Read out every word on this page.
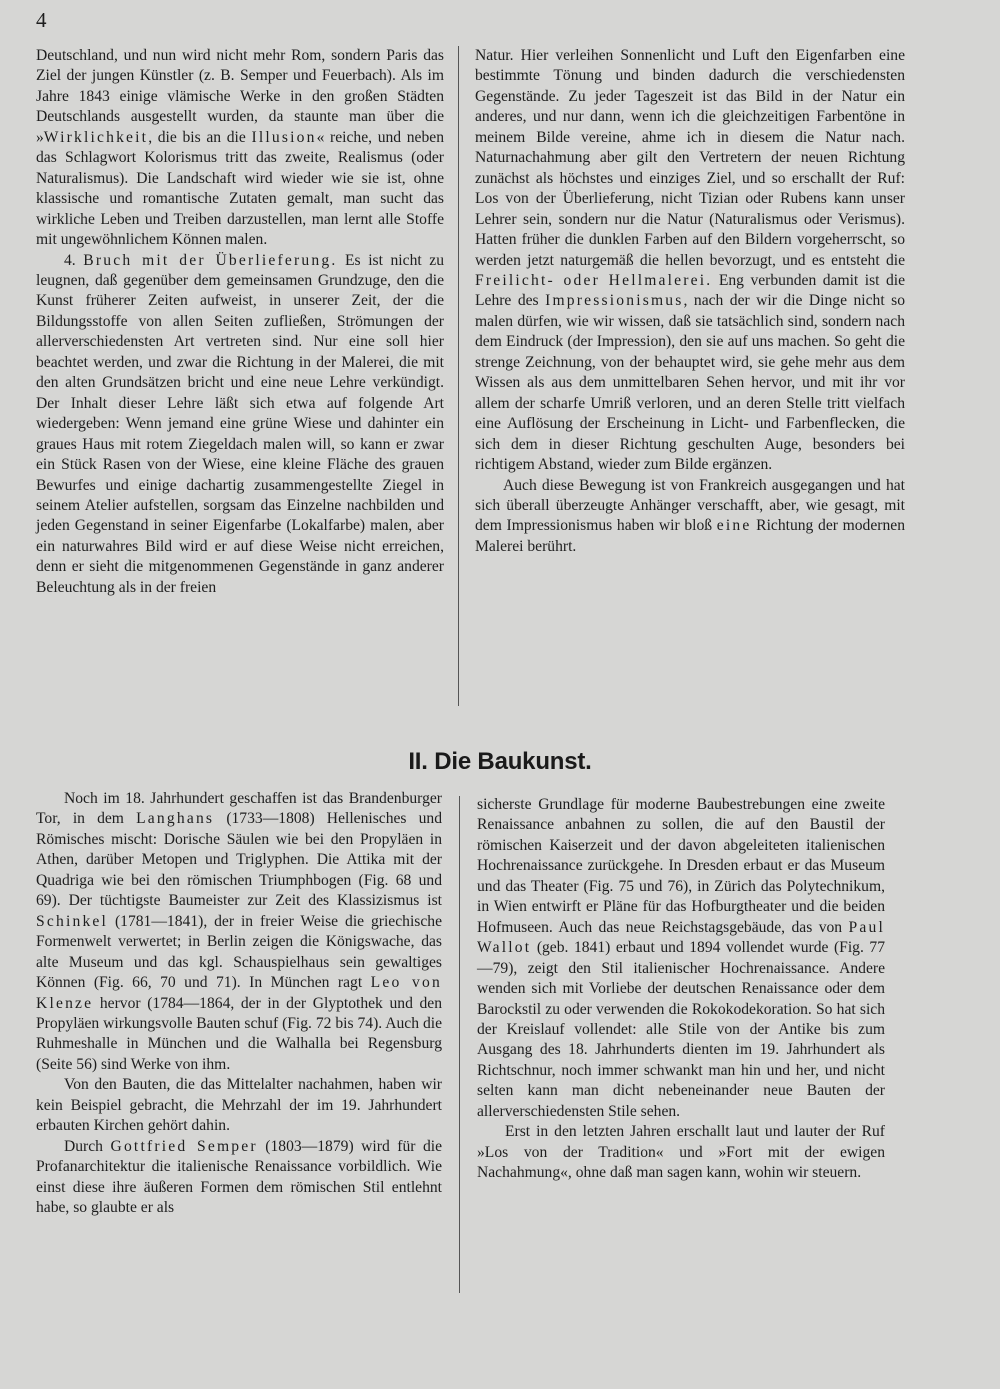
4

Deutschland, und nun wird nicht mehr Rom, sondern Paris das Ziel der jungen Künstler (z. B. Semper und Feuerbach). Als im Jahre 1843 einige vlämische Werke in den großen Städten Deutschlands ausgestellt wurden, da staunte man über die »Wirklichkeit, die bis an die Illusion« reiche, und neben das Schlagwort Kolorismus tritt das zweite, Realismus (oder Naturalismus). Die Landschaft wird wieder wie sie ist, ohne klassische und romantische Zutaten gemalt, man sucht das wirkliche Leben und Treiben darzustellen, man lernt alle Stoffe mit ungewöhnlichem Können malen.

4. Bruch mit der Überlieferung. Es ist nicht zu leugnen, daß gegenüber dem gemeinsamen Grundzuge, den die Kunst früherer Zeiten aufweist, in unserer Zeit, der die Bildungsstoffe von allen Seiten zufließen, Strömungen der allerverschiedensten Art vertreten sind. Nur eine soll hier beachtet werden, und zwar die Richtung in der Malerei, die mit den alten Grundsätzen bricht und eine neue Lehre verkündigt. Der Inhalt dieser Lehre läßt sich etwa auf folgende Art wiedergeben: Wenn jemand eine grüne Wiese und dahinter ein graues Haus mit rotem Ziegeldach malen will, so kann er zwar ein Stück Rasen von der Wiese, eine kleine Fläche des grauen Bewurfes und einige dachartig zusammengestellte Ziegel in seinem Atelier aufstellen, sorgsam das Einzelne nachbilden und jeden Gegenstand in seiner Eigenfarbe (Lokalfarbe) malen, aber ein naturwahres Bild wird er auf diese Weise nicht erreichen, denn er sieht die mitgenommenen Gegenstände in ganz anderer Beleuchtung als in der freien

Natur. Hier verleihen Sonnenlicht und Luft den Eigenfarben eine bestimmte Tönung und binden dadurch die verschiedensten Gegenstände. Zu jeder Tageszeit ist das Bild in der Natur ein anderes, und nur dann, wenn ich die gleichzeitigen Farbentöne in meinem Bilde vereine, ahme ich in diesem die Natur nach. Naturnachahmung aber gilt den Vertretern der neuen Richtung zunächst als höchstes und einziges Ziel, und so erschallt der Ruf: Los von der Überlieferung, nicht Tizian oder Rubens kann unser Lehrer sein, sondern nur die Natur (Naturalismus oder Verismus). Hatten früher die dunklen Farben auf den Bildern vorgeherrscht, so werden jetzt naturgemäß die hellen bevorzugt, und es entsteht die Freilicht- oder Hellmalerei. Eng verbunden damit ist die Lehre des Impressionismus, nach der wir die Dinge nicht so malen dürfen, wie wir wissen, daß sie tatsächlich sind, sondern nach dem Eindruck (der Impression), den sie auf uns machen. So geht die strenge Zeichnung, von der behauptet wird, sie gehe mehr aus dem Wissen als aus dem unmittelbaren Sehen hervor, und mit ihr vor allem der scharfe Umriß verloren, und an deren Stelle tritt vielfach eine Auflösung der Erscheinung in Licht- und Farbenflecken, die sich dem in dieser Richtung geschulten Auge, besonders bei richtigem Abstand, wieder zum Bilde ergänzen.

Auch diese Bewegung ist von Frankreich ausgegangen und hat sich überall überzeugte Anhänger verschafft, aber, wie gesagt, mit dem Impressionismus haben wir bloß eine Richtung der modernen Malerei berührt.

II. Die Baukunst.

Noch im 18. Jahrhundert geschaffen ist das Brandenburger Tor, in dem Langhans (1733—1808) Hellenisches und Römisches mischt: Dorische Säulen wie bei den Propyläen in Athen, darüber Metopen und Triglyphen. Die Attika mit der Quadriga wie bei den römischen Triumphbogen (Fig. 68 und 69). Der tüchtigste Baumeister zur Zeit des Klassizismus ist Schinkel (1781—1841), der in freier Weise die griechische Formenwelt verwertet; in Berlin zeigen die Königswache, das alte Museum und das kgl. Schauspielhaus sein gewaltiges Können (Fig. 66, 70 und 71). In München ragt Leo von Klenze hervor (1784—1864, der in der Glyptothek und den Propyläen wirkungsvolle Bauten schuf (Fig. 72 bis 74). Auch die Ruhmeshalle in München und die Walhalla bei Regensburg (Seite 56) sind Werke von ihm.

Von den Bauten, die das Mittelalter nachahmen, haben wir kein Beispiel gebracht, die Mehrzahl der im 19. Jahrhundert erbauten Kirchen gehört dahin.

Durch Gottfried Semper (1803—1879) wird für die Profanarchitektur die italienische Renaissance vorbildlich. Wie einst diese ihre äußeren Formen dem römischen Stil entlehnt habe, so glaubte er als

sicherste Grundlage für moderne Baubestrebungen eine zweite Renaissance anbahnen zu sollen, die auf den Baustil der römischen Kaiserzeit und der davon abgeleiteten italienischen Hochrenaissance zurückgehe. In Dresden erbaut er das Museum und das Theater (Fig. 75 und 76), in Zürich das Polytechnikum, in Wien entwirft er Pläne für das Hofburgtheater und die beiden Hofmuseen. Auch das neue Reichstagsgebäude, das von Paul Wallot (geb. 1841) erbaut und 1894 vollendet wurde (Fig. 77—79), zeigt den Stil italienischer Hochrenaissance. Andere wenden sich mit Vorliebe der deutschen Renaissance oder dem Barockstil zu oder verwenden die Rokokodekoration. So hat sich der Kreislauf vollendet: alle Stile von der Antike bis zum Ausgang des 18. Jahrhunderts dienten im 19. Jahrhundert als Richtschnur, noch immer schwankt man hin und her, und nicht selten kann man dicht nebeneinander neue Bauten der allerverschiedensten Stile sehen.

Erst in den letzten Jahren erschallt laut und lauter der Ruf »Los von der Tradition« und »Fort mit der ewigen Nachahmung«, ohne daß man sagen kann, wohin wir steuern.
